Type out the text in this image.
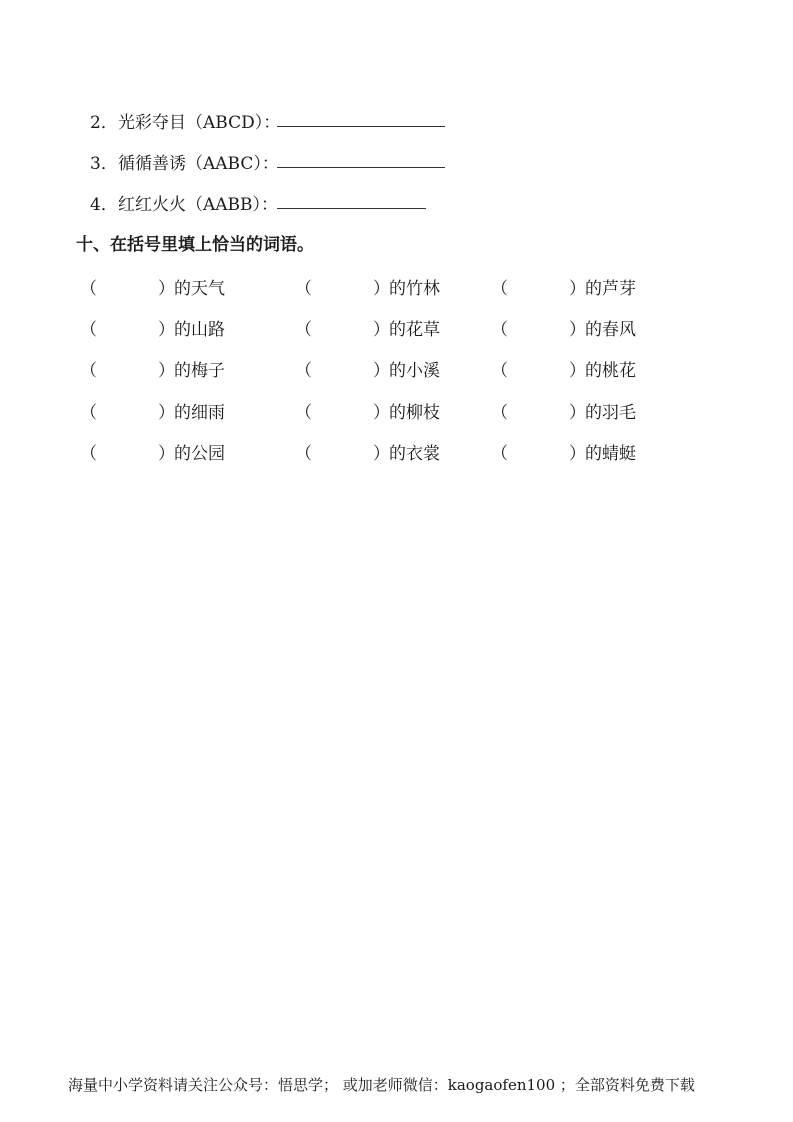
2． 光彩夺目（ABCD）：
3． 循循善诱（AABC）：
4． 红红火火（AABB）：
十、在括号里填上恰当的词语。
（	） 的天气	（	） 的竹林	（	） 的芦芽
（	） 的山路	（	） 的花草	（	） 的春风
（	） 的梅子	（	） 的小溪	（	） 的桃花
（	） 的细雨	（	） 的柳枝	（	） 的羽毛
（	） 的公园	（	） 的衣裳	（	） 的蜻蜓
海量中小学资料请关注公众号：悟思学； 或加老师微信：kaogaofen100 ；全部资料免费下载
